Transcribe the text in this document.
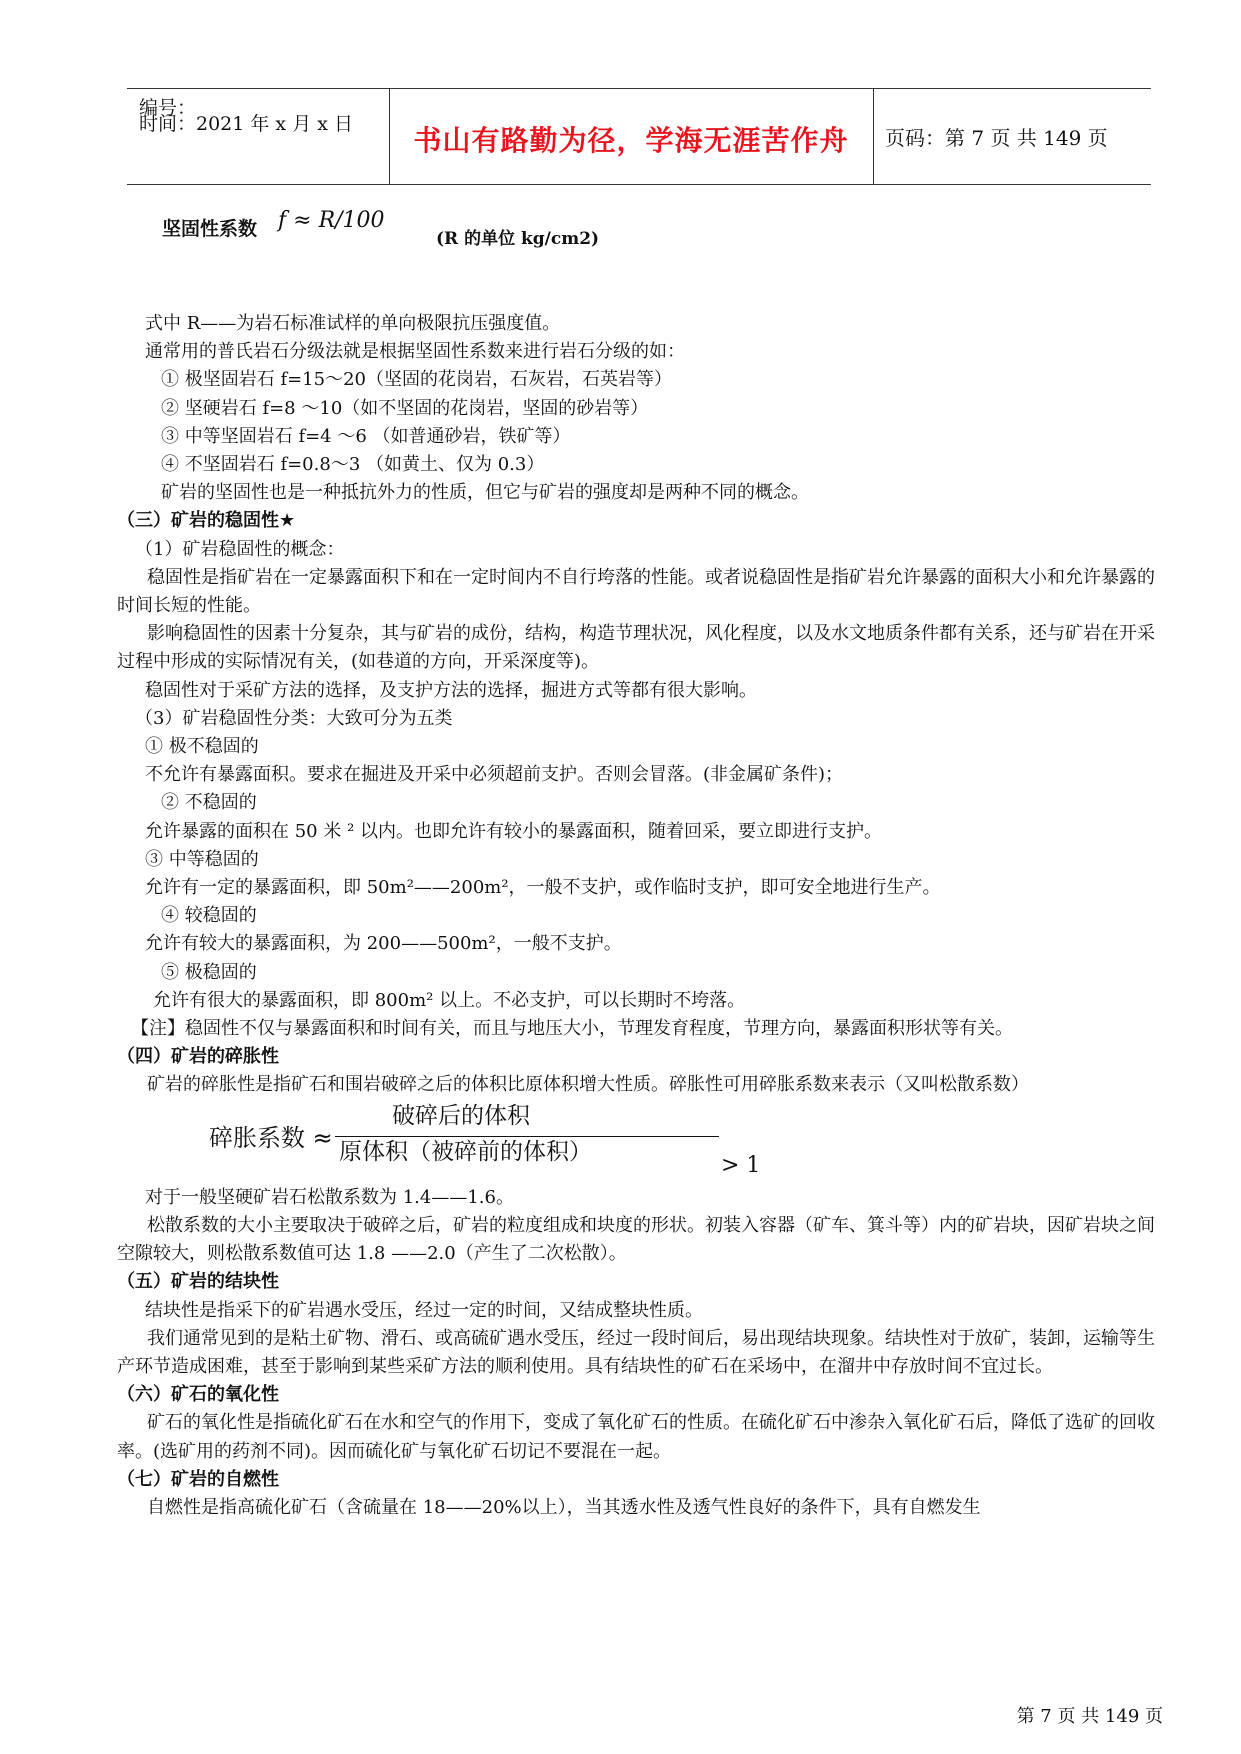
编号：
时间：2021 年 x 月 x 日	书山有路勤为径，学海无涯苦作舟	页码：第 7 页 共 149 页
坚固性系数 f ≈ R/100
(R 的单位 kg/cm2)

式中 R——为岩石标准试样的单向极限抗压强度值。

通常用的普氏岩石分级法就是根据坚固性系数来进行岩石分级的如：

① 极坚固岩石 f=15～20（坚固的花岗岩，石灰岩，石英岩等）

② 坚硬岩石 f=8 ～10（如不坚固的花岗岩，坚固的砂岩等）

③ 中等坚固岩石 f=4 ～6 （如普通砂岩，铁矿等）

④ 不坚固岩石 f=0.8～3 （如黄土、仅为 0.3）

矿岩的坚固性也是一种抵抗外力的性质，但它与矿岩的强度却是两种不同的概念。

（三）矿岩的稳固性★

（1）矿岩稳固性的概念：

稳固性是指矿岩在一定暴露面积下和在一定时间内不自行垮落的性能。或者说稳固性是指矿岩允许暴露的面积大小和允许暴露的时间长短的性能。

影响稳固性的因素十分复杂，其与矿岩的成份，结构，构造节理状况，风化程度，以及水文地质条件都有关系，还与矿岩在开采过程中形成的实际情况有关，(如巷道的方向，开采深度等)。

稳固性对于采矿方法的选择，及支护方法的选择，掘进方式等都有很大影响。

（3）矿岩稳固性分类：大致可分为五类

① 极不稳固的

不允许有暴露面积。要求在掘进及开采中必须超前支护。否则会冒落。(非金属矿条件)；

② 不稳固的

允许暴露的面积在 50 米 ² 以内。也即允许有较小的暴露面积，随着回采，要立即进行支护。

③ 中等稳固的

允许有一定的暴露面积，即 50m²——200m²，一般不支护，或作临时支护，即可安全地进行生产。

④ 较稳固的

允许有较大的暴露面积，为 200——500m²，一般不支护。

⑤ 极稳固的

允许有很大的暴露面积，即 800m² 以上。不必支护，可以长期时不垮落。

【注】稳固性不仅与暴露面积和时间有关，而且与地压大小，节理发育程度，节理方向，暴露面积形状等有关。

（四）矿岩的碎胀性

矿岩的碎胀性是指矿石和围岩破碎之后的体积比原体积增大性质。碎胀性可用碎胀系数来表示（又叫松散系数）

碎胀系数 ≈
破碎后的体积
原体积（被碎前的体积）
> 1

对于一般坚硬矿岩石松散系数为 1.4——1.6。

松散系数的大小主要取决于破碎之后，矿岩的粒度组成和块度的形状。初装入容器（矿车、箕斗等）内的矿岩块，因矿岩块之间空隙较大，则松散系数值可达 1.8 ——2.0（产生了二次松散）。

（五）矿岩的结块性

结块性是指采下的矿岩遇水受压，经过一定的时间，又结成整块性质。

我们通常见到的是粘土矿物、滑石、或高硫矿遇水受压，经过一段时间后，易出现结块现象。结块性对于放矿，装卸，运输等生产环节造成困难，甚至于影响到某些采矿方法的顺利使用。具有结块性的矿石在采场中，在溜井中存放时间不宜过长。

（六）矿石的氧化性

矿石的氧化性是指硫化矿石在水和空气的作用下，变成了氧化矿石的性质。在硫化矿石中渗杂入氧化矿石后，降低了选矿的回收率。(选矿用的药剂不同)。因而硫化矿与氧化矿石切记不要混在一起。

（七）矿岩的自燃性

自燃性是指高硫化矿石（含硫量在 18——20%以上），当其透水性及透气性良好的条件下，具有自燃发生

第 7 页 共 149 页
